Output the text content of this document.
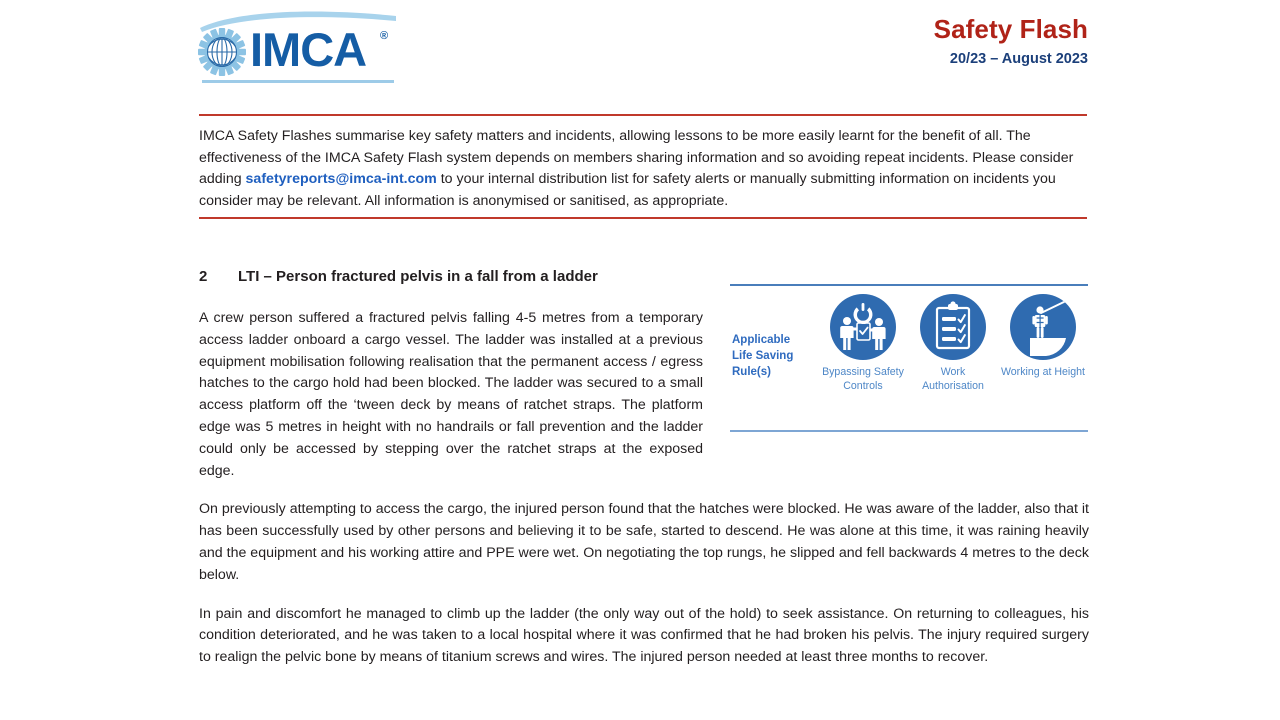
IMCA ®	Safety Flash
20/23 – August 2023
IMCA Safety Flashes summarise key safety matters and incidents, allowing lessons to be more easily learnt for the benefit of all. The effectiveness of the IMCA Safety Flash system depends on members sharing information and so avoiding repeat incidents. Please consider adding safetyreports@imca-int.com to your internal distribution list for safety alerts or manually submitting information on incidents you consider may be relevant. All information is anonymised or sanitised, as appropriate.
2 LTI – Person fractured pelvis in a fall from a ladder

A crew person suffered a fractured pelvis falling 4-5 metres from a temporary access ladder onboard a cargo vessel. The ladder was installed at a previous equipment mobilisation following realisation that the permanent access / egress hatches to the cargo hold had been blocked. The ladder was secured to a small access platform off the ‘tween deck by means of ratchet straps. The platform edge was 5 metres in height with no handrails or fall prevention and the ladder could only be accessed by stepping over the ratchet straps at the exposed edge.

On previously attempting to access the cargo, the injured person found that the hatches were blocked. He was aware of the ladder, also that it has been successfully used by other persons and believing it to be safe, started to descend. He was alone at this time, it was raining heavily and the equipment and his working attire and PPE were wet. On negotiating the top rungs, he slipped and fell backwards 4 metres to the deck below.

In pain and discomfort he managed to climb up the ladder (the only way out of the hold) to seek assistance. On returning to colleagues, his condition deteriorated, and he was taken to a local hospital where it was confirmed that he had broken his pelvis. The injury required surgery to realign the pelvic bone by means of titanium screws and wires. The injured person needed at least three months to recover.

Applicable
Life Saving
Rule(s)	Bypassing Safety Controls
Work Authorisation
Working at Height
